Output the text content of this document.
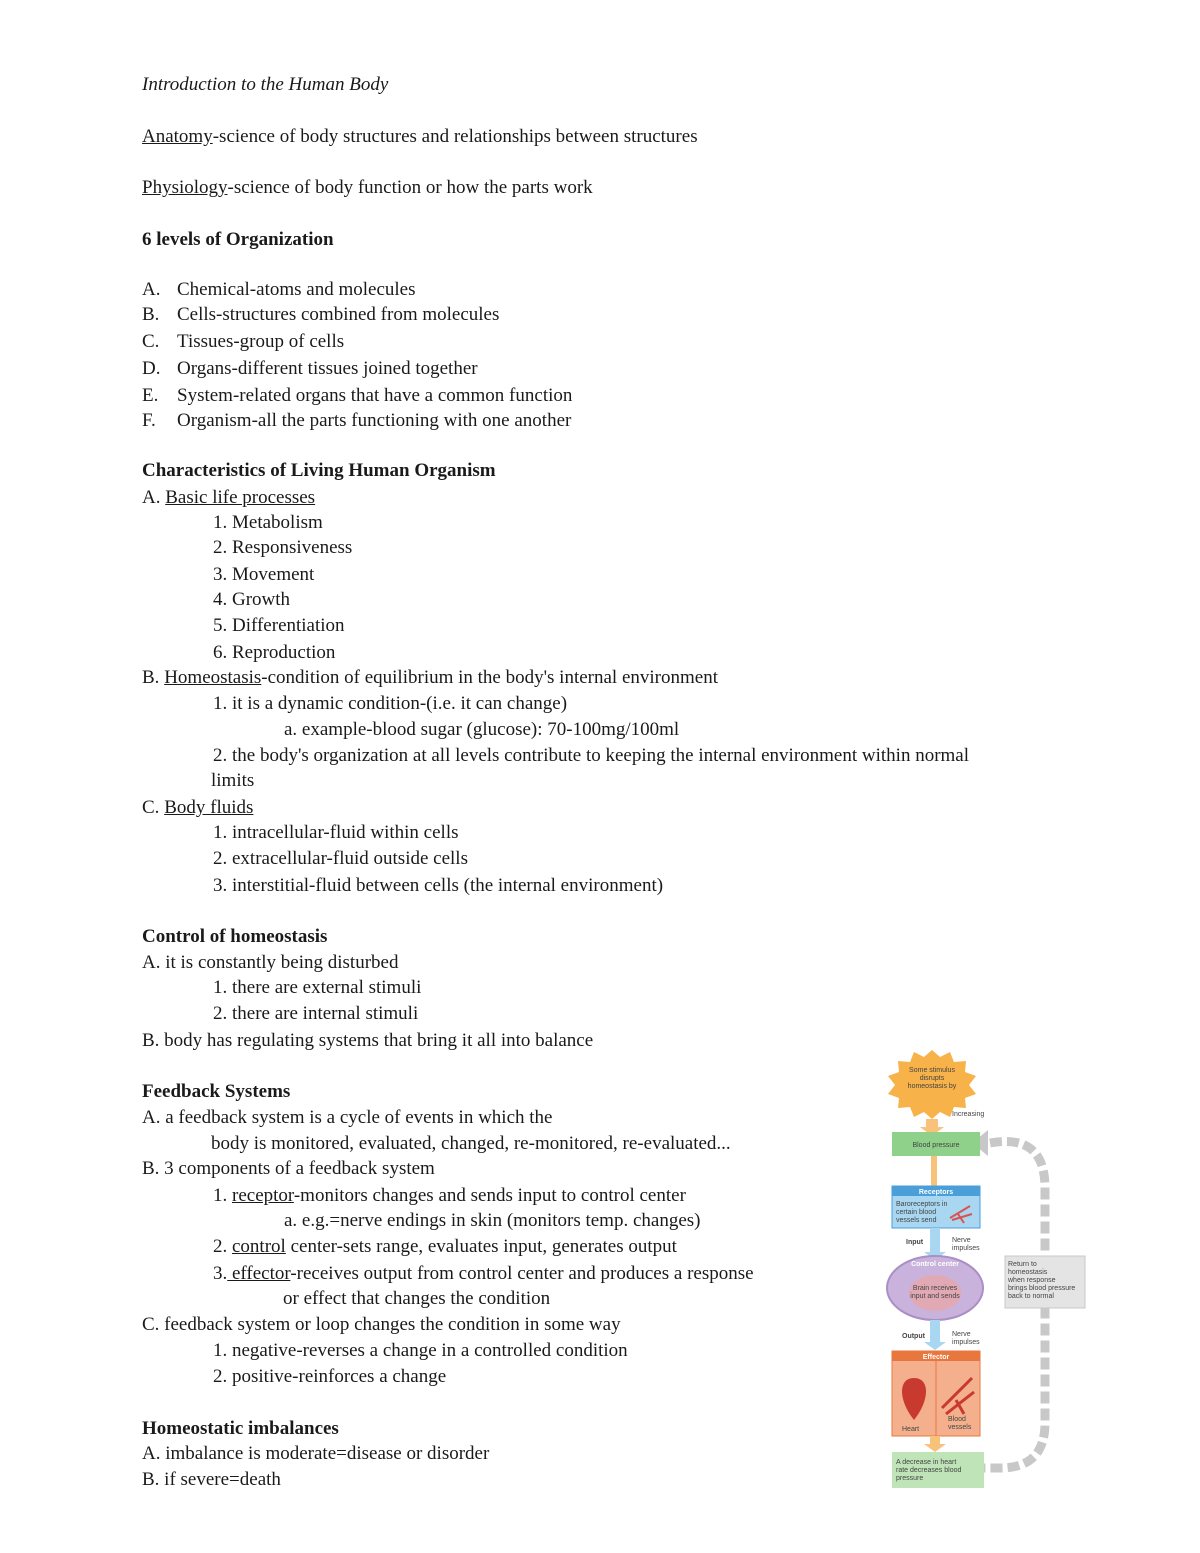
Introduction to the Human Body
Anatomy-science of body structures and relationships between structures
Physiology-science of body function or how the parts work
6 levels of Organization
A. Chemical-atoms and molecules
B. Cells-structures combined from molecules
C. Tissues-group of cells
D. Organs-different tissues joined together
E. System-related organs that have a common function
F. Organism-all the parts functioning with one another
Characteristics of Living Human Organism
A. Basic life processes
1. Metabolism
2. Responsiveness
3. Movement
4. Growth
5. Differentiation
6. Reproduction
B. Homeostasis-condition of equilibrium in the body's internal environment
1. it is a dynamic condition-(i.e. it can change)
a. example-blood sugar (glucose): 70-100mg/100ml
2. the body's organization at all levels contribute to keeping the internal environment within normal
limits
C. Body fluids
1. intracellular-fluid within cells
2. extracellular-fluid outside cells
3. interstitial-fluid between cells (the internal environment)
Control of homeostasis
A. it is constantly being disturbed
1. there are external stimuli
2. there are internal stimuli
B. body has regulating systems that bring it all into balance
Feedback Systems
A. a feedback system is a cycle of events in which the
body is monitored, evaluated, changed, re-monitored, re-evaluated...
B. 3 components of a feedback system
1. receptor-monitors changes and sends input to control center
a. e.g.=nerve endings in skin (monitors temp. changes)
2. control center-sets range, evaluates input, generates output
3. effector-receives output from control center and produces a response
or effect that changes the condition
C. feedback system or loop changes the condition in some way
1. negative-reverses a change in a controlled condition
2. positive-reinforces a change
Homeostatic imbalances
A. imbalance is moderate=disease or disorder
B. if severe=death
Some stimulus
disrupts
homeostasis by
Increasing
Blood pressure
Receptors
Baroreceptors in
certain blood
vessels send
Input	Nerve
impulses
Control center
Brain receives
input and sends
Output	Nerve
impulses
Effector
Heart
Blood
vessels
A decrease in heart
rate decreases blood
pressure
Return to
homeostasis
when response
brings blood pressure
back to normal
